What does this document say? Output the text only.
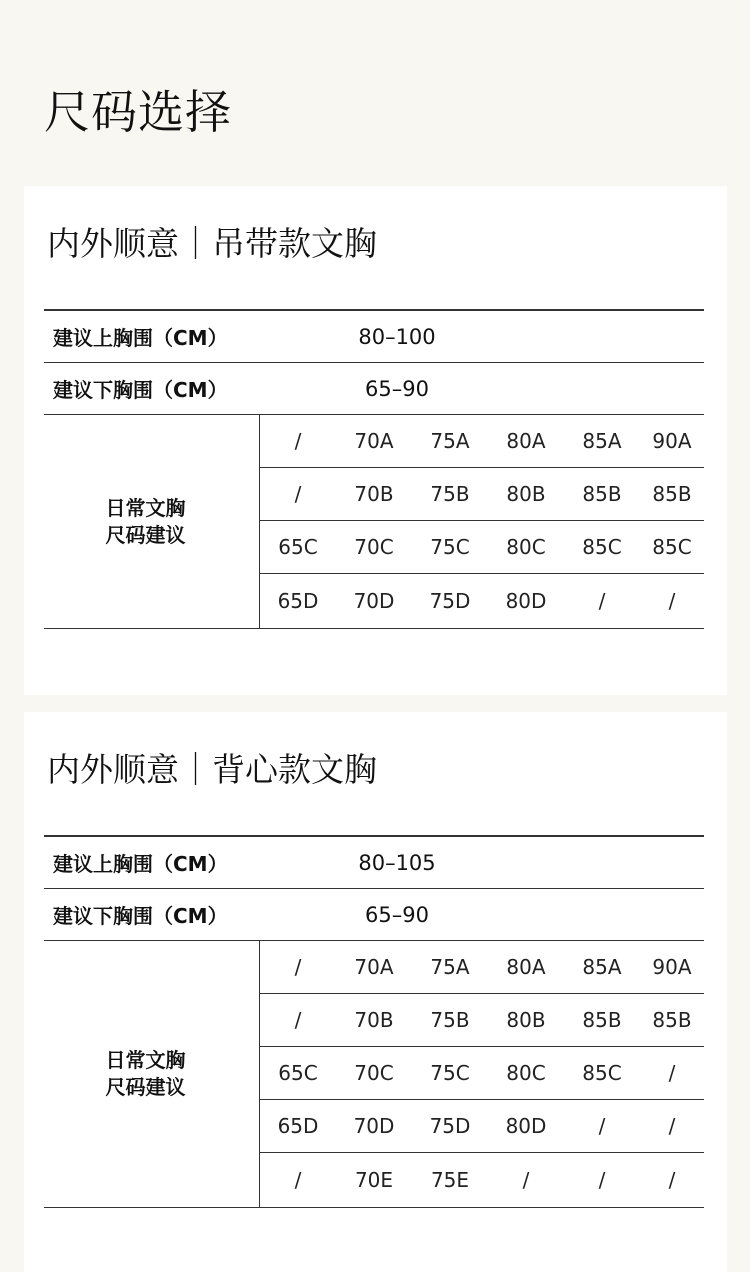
尺码选择
内外顺意｜吊带款文胸
建议上胸围（CM）	80–100
建议下胸围（CM）	65–90
日常文胸
尺码建议
/	70A	75A	80A	85A	90A
/	70B	75B	80B	85B	85B
65C	70C	75C	80C	85C	85C
65D	70D	75D	80D	/	/
内外顺意｜背心款文胸
建议上胸围（CM）	80–105
建议下胸围（CM）	65–90
日常文胸
尺码建议
/	70A	75A	80A	85A	90A
/	70B	75B	80B	85B	85B
65C	70C	75C	80C	85C	/
65D	70D	75D	80D	/	/
/	70E	75E	/	/	/
